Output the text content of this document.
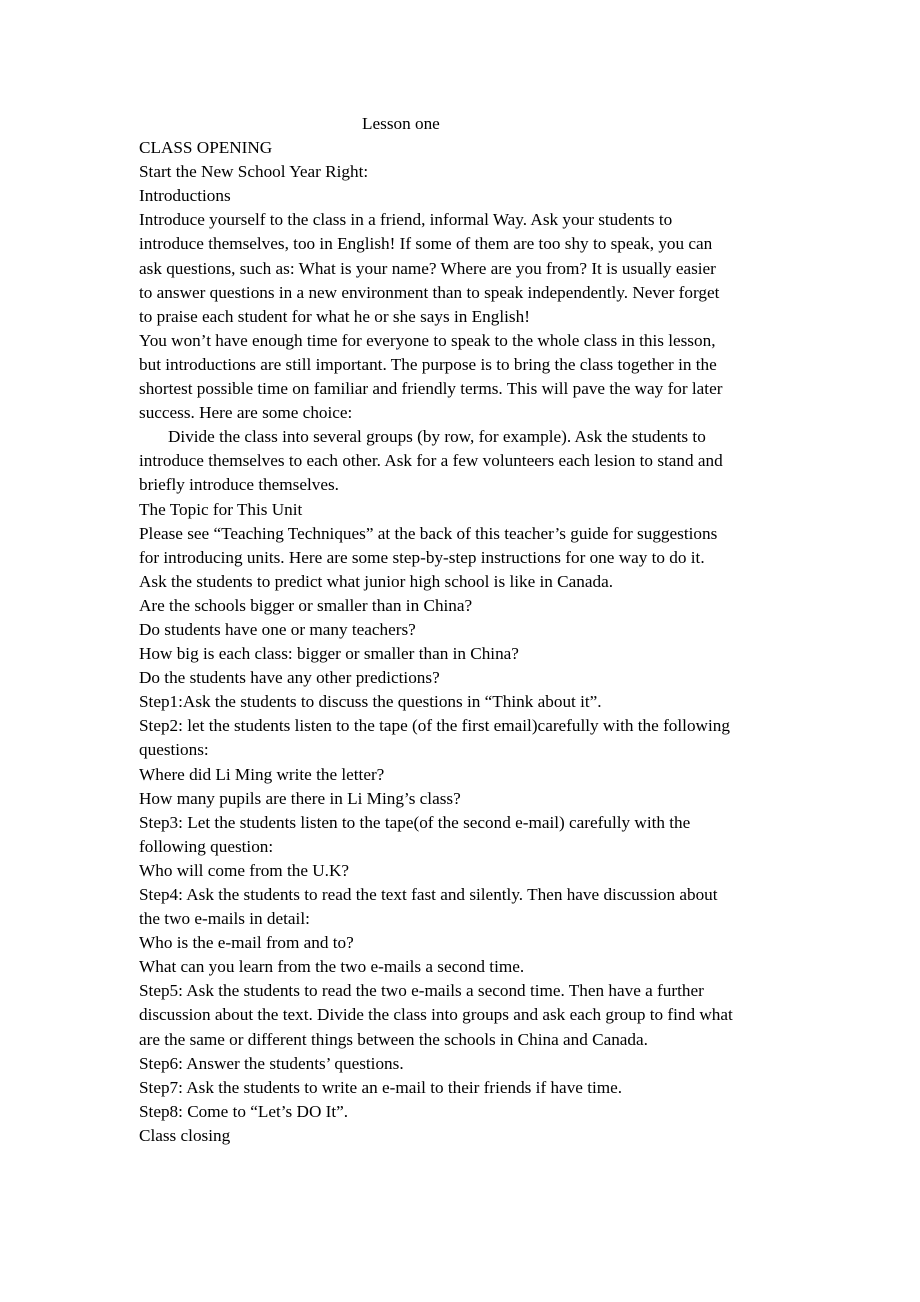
Lesson one
CLASS OPENING
Start the New School Year Right:
Introductions
Introduce yourself to the class in a friend, informal Way. Ask your students to
introduce themselves, too in English! If some of them are too shy to speak, you can
ask questions, such as: What is your name? Where are you from? It is usually easier
to answer questions in a new environment than to speak independently. Never forget
to praise each student for what he or she says in English!
You won’t have enough time for everyone to speak to the whole class in this lesson,
but introductions are still important. The purpose is to bring the class together in the
shortest possible time on familiar and friendly terms. This will pave the way for later
success. Here are some choice:
Divide the class into several groups (by row, for example). Ask the students to
introduce themselves to each other. Ask for a few volunteers each lesion to stand and
briefly introduce themselves.
The Topic for This Unit
Please see “Teaching Techniques” at the back of this teacher’s guide for suggestions
for introducing units. Here are some step-by-step instructions for one way to do it.
Ask the students to predict what junior high school is like in Canada.
Are the schools bigger or smaller than in China?
Do students have one or many teachers?
How big is each class: bigger or smaller than in China?
Do the students have any other predictions?
Step1:Ask the students to discuss the questions in “Think about it”.
Step2: let the students listen to the tape (of the first email)carefully with the following
questions:
Where did Li Ming write the letter?
How many pupils are there in Li Ming’s class?
Step3: Let the students listen to the tape(of the second e-mail) carefully with the
following question:
Who will come from the U.K?
Step4: Ask the students to read the text fast and silently. Then have discussion about
the two e-mails in detail:
Who is the e-mail from and to?
What can you learn from the two e-mails a second time.
Step5: Ask the students to read the two e-mails a second time. Then have a further
discussion about the text. Divide the class into groups and ask each group to find what
are the same or different things between the schools in China and Canada.
Step6: Answer the students’ questions.
Step7: Ask the students to write an e-mail to their friends if have time.
Step8: Come to “Let’s DO It”.
Class closing
